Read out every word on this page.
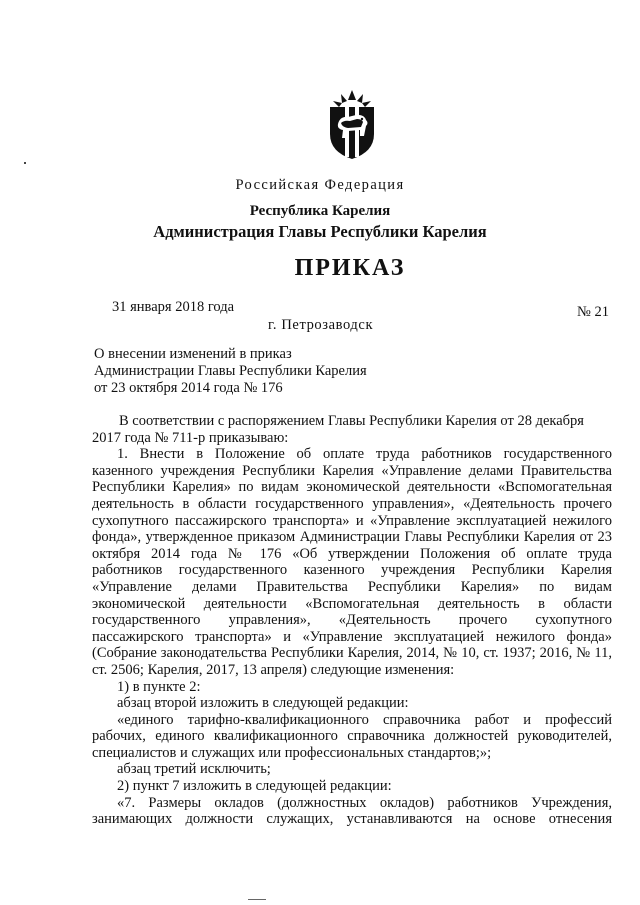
Российская Федерация
Республика Карелия
Администрация Главы Республики Карелия
ПРИКАЗ
31 января 2018 года	№ 21
г. Петрозаводск
О внесении изменений в приказ
Администрации Главы Республики Карелия
от 23 октября 2014 года № 176
В соответствии с распоряжением Главы Республики Карелия от 28 декабря
2017 года № 711-р приказываю:
1. Внести в Положение об оплате труда работников государственного
казенного учреждения Республики Карелия «Управление делами Правительства
Республики Карелия» по видам экономической деятельности «Вспомогательная
деятельность в области государственного управления», «Деятельность прочего
сухопутного пассажирского транспорта» и «Управление эксплуатацией нежилого
фонда», утвержденное приказом Администрации Главы Республики Карелия от 23
октября 2014 года № 176 «Об утверждении Положения об оплате труда
работников государственного казенного учреждения Республики Карелия
«Управление делами Правительства Республики Карелия» по видам
экономической деятельности «Вспомогательная деятельность в области
государственного управления», «Деятельность прочего сухопутного
пассажирского транспорта» и «Управление эксплуатацией нежилого фонда»
(Собрание законодательства Республики Карелия, 2014, № 10, ст. 1937; 2016, № 11,
ст. 2506; Карелия, 2017, 13 апреля) следующие изменения:
1) в пункте 2:
абзац второй изложить в следующей редакции:
«единого тарифно-квалификационного справочника работ и профессий
рабочих, единого квалификационного справочника должностей руководителей,
специалистов и служащих или профессиональных стандартов;»;
абзац третий исключить;
2) пункт 7 изложить в следующей редакции:
«7. Размеры окладов (должностных окладов) работников Учреждения,
занимающих должности служащих, устанавливаются на основе отнесения
